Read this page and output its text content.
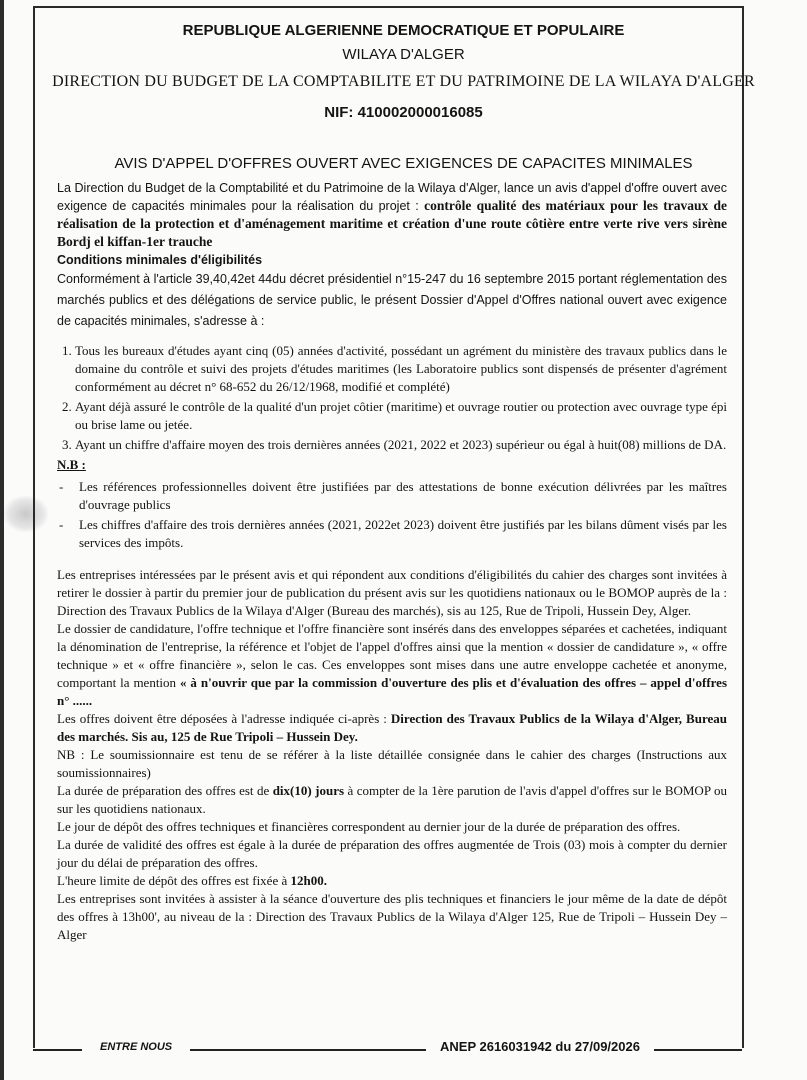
REPUBLIQUE ALGERIENNE DEMOCRATIQUE ET POPULAIRE
WILAYA D'ALGER
DIRECTION DU BUDGET DE LA COMPTABILITE ET DU PATRIMOINE DE LA WILAYA D'ALGER
NIF: 410002000016085
AVIS D'APPEL D'OFFRES OUVERT AVEC EXIGENCES DE CAPACITES MINIMALES

La Direction du Budget de la Comptabilité et du Patrimoine de la Wilaya d'Alger, lance un avis d'appel d'offre ouvert avec exigence de capacités minimales pour la réalisation du projet : contrôle qualité des matériaux pour les travaux de réalisation de la protection et d'aménagement maritime et création d'une route côtière entre verte rive vers sirène Bordj el kiffan-1er trauche

Conditions minimales d'éligibilités

Conformément à l'article 39,40,42et 44du décret présidentiel n°15-247 du 16 septembre 2015 portant réglementation des marchés publics et des délégations de service public, le présent Dossier d'Appel d'Offres national ouvert avec exigence de capacités minimales, s'adresse à :

1. Tous les bureaux d'études ayant cinq (05) années d'activité, possédant un agrément du ministère des travaux publics dans le domaine du contrôle et suivi des projets d'études maritimes (les Laboratoire publics sont dispensés de présenter d'agrément conformément au décret n° 68-652 du 26/12/1968, modifié et complété)
2. Ayant déjà assuré le contrôle de la qualité d'un projet côtier (maritime) et ouvrage routier ou protection avec ouvrage type épi ou brise lame ou jetée.
3. Ayant un chiffre d'affaire moyen des trois dernières années (2021, 2022 et 2023) supérieur ou égal à huit(08) millions de DA.

N.B :

- Les références professionnelles doivent être justifiées par des attestations de bonne exécution délivrées par les maîtres d'ouvrage publics
- Les chiffres d'affaire des trois dernières années (2021, 2022et 2023) doivent être justifiés par les bilans dûment visés par les services des impôts.

Les entreprises intéressées par le présent avis et qui répondent aux conditions d'éligibilités du cahier des charges sont invitées à retirer le dossier à partir du premier jour de publication du présent avis sur les quotidiens nationaux ou le BOMOP auprès de la : Direction des Travaux Publics de la Wilaya d'Alger (Bureau des marchés), sis au 125, Rue de Tripoli, Hussein Dey, Alger.

Le dossier de candidature, l'offre technique et l'offre financière sont insérés dans des enveloppes séparées et cachetées, indiquant la dénomination de l'entreprise, la référence et l'objet de l'appel d'offres ainsi que la mention « dossier de candidature », « offre technique » et « offre financière », selon le cas. Ces enveloppes sont mises dans une autre enveloppe cachetée et anonyme, comportant la mention « à n'ouvrir que par la commission d'ouverture des plis et d'évaluation des offres – appel d'offres n° ......

Les offres doivent être déposées à l'adresse indiquée ci-après : Direction des Travaux Publics de la Wilaya d'Alger, Bureau des marchés. Sis au, 125 de Rue Tripoli – Hussein Dey.

NB : Le soumissionnaire est tenu de se référer à la liste détaillée consignée dans le cahier des charges (Instructions aux soumissionnaires)

La durée de préparation des offres est de dix(10) jours à compter de la 1ère parution de l'avis d'appel d'offres sur le BOMOP ou sur les quotidiens nationaux.

Le jour de dépôt des offres techniques et financières correspondent au dernier jour de la durée de préparation des offres.

La durée de validité des offres est égale à la durée de préparation des offres augmentée de Trois (03) mois à compter du dernier jour du délai de préparation des offres.

L'heure limite de dépôt des offres est fixée à 12h00.

Les entreprises sont invitées à assister à la séance d'ouverture des plis techniques et financiers le jour même de la date de dépôt des offres à 13h00', au niveau de la : Direction des Travaux Publics de la Wilaya d'Alger 125, Rue de Tripoli – Hussein Dey – Alger

ENTRE NOUS	ANEP 2616031942 du 27/09/2026
